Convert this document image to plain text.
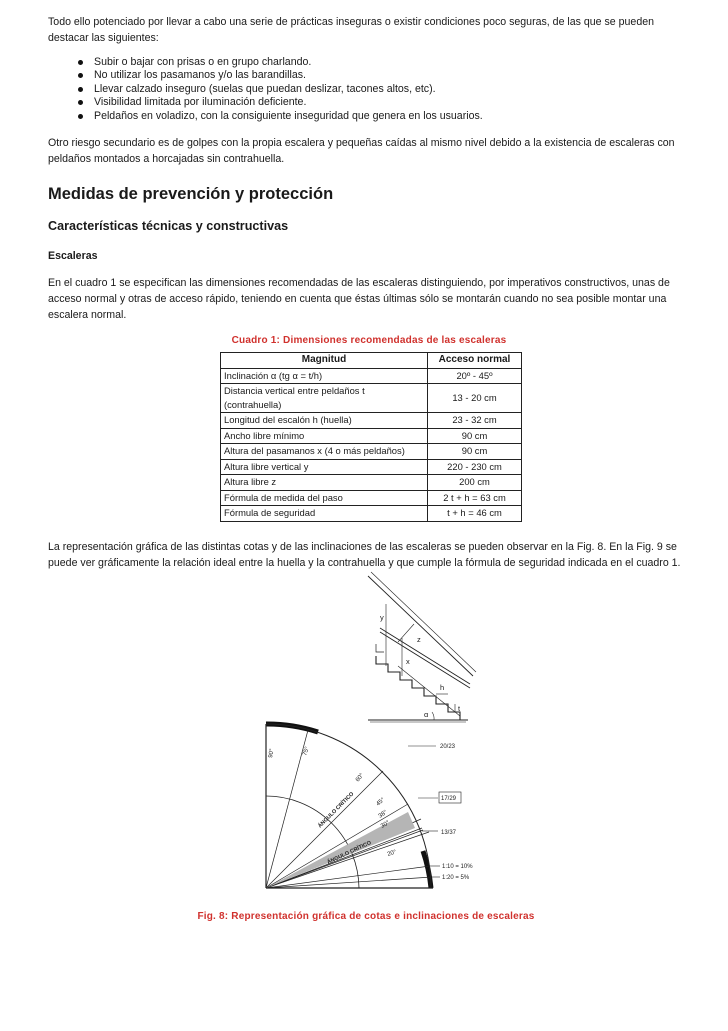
Todo ello potenciado por llevar a cabo una serie de prácticas inseguras o existir condiciones poco seguras, de las que se pueden destacar las siguientes:

Subir o bajar con prisas o en grupo charlando.
No utilizar los pasamanos y/o las barandillas.
Llevar calzado inseguro (suelas que puedan deslizar, tacones altos, etc).
Visibilidad limitada por iluminación deficiente.
Peldaños en voladizo, con la consiguiente inseguridad que genera en los usuarios.

Otro riesgo secundario es de golpes con la propia escalera y pequeñas caídas al mismo nivel debido a la existencia de escaleras con peldaños montados a horcajadas sin contrahuella.

Medidas de prevención y protección
Características técnicas y constructivas
Escaleras

En el cuadro 1 se especifican las dimensiones recomendadas de las escaleras distinguiendo, por imperativos constructivos, unas de acceso normal y otras de acceso rápido, teniendo en cuenta que éstas últimas sólo se montarán cuando no sea posible montar una escalera normal.

Cuadro 1: Dimensiones recomendadas de las escaleras
Magnitud	Acceso normal
Inclinación α (tg α = t/h)	20º - 45º
Distancia vertical entre peldaños t (contrahuella)	13 - 20 cm
Longitud del escalón h (huella)	23 - 32 cm
Ancho libre mínimo	90 cm
Altura del pasamanos x (4 o más peldaños)	90 cm
Altura libre vertical y	220 - 230 cm
Altura libre z	200 cm
Fórmula de medida del paso	2 t + h = 63 cm
Fórmula de seguridad	t + h = 46 cm

La representación gráfica de las distintas cotas y de las inclinaciones de las escaleras se pueden observar en la Fig. 8. En la Fig. 9 se puede ver gráficamente la relación ideal entre la huella y la contrahuella y que cumple la fórmula de seguridad indicada en el cuadro 1.

y
z
x
h
t
α
90°	75°
60°
45°
38°
30°
20°
ÁNGULO CRÍTICO
ÁNGULO CRÍTICO
20/23
17/29
13/37
1:10 = 10%
1:20 = 5%
Fig. 8: Representación gráfica de cotas e inclinaciones de escaleras
